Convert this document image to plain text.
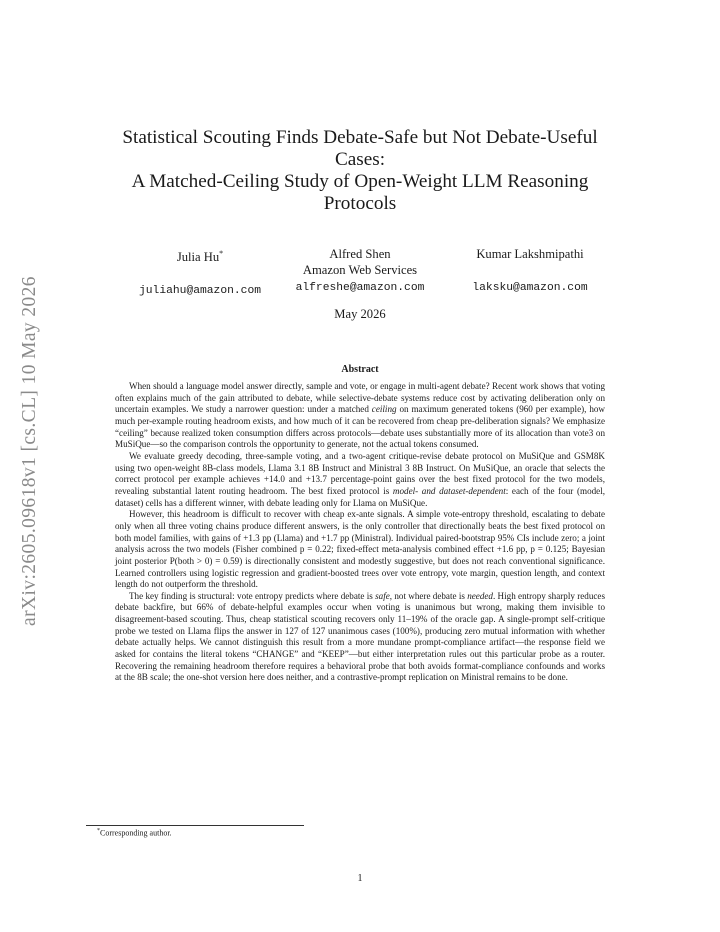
arXiv:2605.09618v1 [cs.CL] 10 May 2026
Statistical Scouting Finds Debate-Safe but Not Debate-Useful
Cases:
A Matched-Ceiling Study of Open-Weight LLM Reasoning
Protocols
Julia Hu*
juliahu@amazon.com
Alfred Shen
Amazon Web Services
alfreshe@amazon.com
Kumar Lakshmipathi
laksku@amazon.com
May 2026
Abstract

When should a language model answer directly, sample and vote, or engage in multi-agent debate? Recent work shows that voting often explains much of the gain attributed to debate, while selective-debate systems reduce cost by activating deliberation only on uncertain examples. We study a narrower question: under a matched ceiling on maximum generated tokens (960 per example), how much per-example routing headroom exists, and how much of it can be recovered from cheap pre-deliberation signals? We emphasize “ceiling” because realized token consumption differs across protocols—debate uses substantially more of its allocation than vote3 on MuSiQue—so the comparison controls the opportunity to generate, not the actual tokens consumed.

We evaluate greedy decoding, three-sample voting, and a two-agent critique-revise debate protocol on MuSiQue and GSM8K using two open-weight 8B-class models, Llama 3.1 8B Instruct and Ministral 3 8B Instruct. On MuSiQue, an oracle that selects the correct protocol per example achieves +14.0 and +13.7 percentage-point gains over the best fixed protocol for the two models, revealing substantial latent routing headroom. The best fixed protocol is model- and dataset-dependent: each of the four (model, dataset) cells has a different winner, with debate leading only for Llama on MuSiQue.

However, this headroom is difficult to recover with cheap ex-ante signals. A simple vote-entropy threshold, escalating to debate only when all three voting chains produce different answers, is the only controller that directionally beats the best fixed protocol on both model families, with gains of +1.3 pp (Llama) and +1.7 pp (Ministral). Individual paired-bootstrap 95% CIs include zero; a joint analysis across the two models (Fisher combined p = 0.22; fixed-effect meta-analysis combined effect +1.6 pp, p = 0.125; Bayesian joint posterior P(both > 0) = 0.59) is directionally consistent and modestly suggestive, but does not reach conventional significance. Learned controllers using logistic regression and gradient-boosted trees over vote entropy, vote margin, question length, and context length do not outperform the threshold.

The key finding is structural: vote entropy predicts where debate is safe, not where debate is needed. High entropy sharply reduces debate backfire, but 66% of debate-helpful examples occur when voting is unanimous but wrong, making them invisible to disagreement-based scouting. Thus, cheap statistical scouting recovers only 11–19% of the oracle gap. A single-prompt self-critique probe we tested on Llama flips the answer in 127 of 127 unanimous cases (100%), producing zero mutual information with whether debate actually helps. We cannot distinguish this result from a more mundane prompt-compliance artifact—the response field we asked for contains the literal tokens “CHANGE” and “KEEP”—but either interpretation rules out this particular probe as a router. Recovering the remaining headroom therefore requires a behavioral probe that both avoids format-compliance confounds and works at the 8B scale; the one-shot version here does neither, and a contrastive-prompt replication on Ministral remains to be done.

*Corresponding author.
1
